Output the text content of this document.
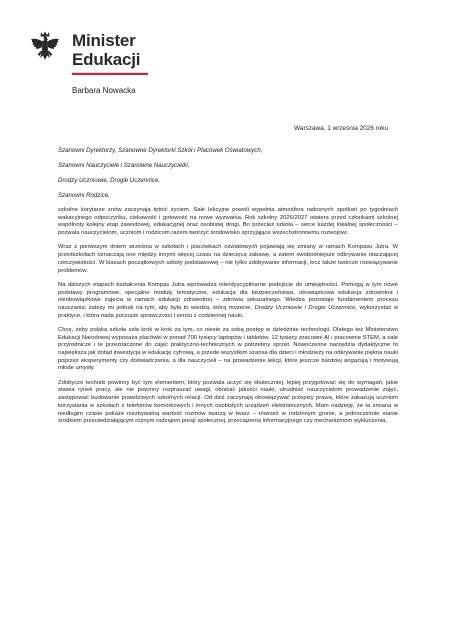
Minister
Edukacji
Barbara Nowacka
Warszawa, 1 września 2026 roku
Szanowni Dyrektorzy, Szanowne Dyrektorki Szkół i Placówek Oświatowych,
Szanowni Nauczyciele i Szanowne Nauczycielki,
Drodzy Uczniowie, Drogie Uczennice,
Szanowni Rodzice,

szkolne korytarze znów zaczynają tętnić życiem. Sale lekcyjne powoli wypełnia atmosfera radosnych spotkań po tygodniach wakacyjnego odpoczynku, ciekawość i gotowość na nowe wyzwania. Rok szkolny 2026/2027 otwiera przed członkami szkolnej wspólnoty kolejny etap zawodowej, edukacyjnej oraz osobistej drogi. Bo przecież szkoła – serce każdej lokalnej społeczności – pozwala nauczycielom, uczniom i rodzicom razem tworzyć środowisko sprzyjające wszechstronnemu rozwojowi.

Wraz z pierwszym dniem września w szkołach i placówkach oświatowych pojawiają się zmiany w ramach Kompasu Jutra. W przedszkolach oznaczają one między innymi więcej czasu na dziecięcą zabawę, a zatem swobodniejsze odkrywanie otaczającej rzeczywistości. W klasach początkowych szkoły podstawowej – nie tylko zdobywanie informacji, lecz także twórcze rozwiązywanie problemów.

Na dalszych etapach kształcenia Kompas Jutra wprowadza interdyscyplinarne podejście do umiejętności. Pomogą w tym nowe podstawy programowe, specjalne moduły tematyczne, edukacja dla bezpieczeństwa, obowiązkowa edukacja zdrowotna i nieobowiązkowe zajęcia w ramach edukacji zdrowotnej – zdrowia seksualnego. Wiedza pozostaje fundamentem procesu nauczania; zależy mi jednak na tym, aby była to wiedza, którą możecie, Drodzy Uczniowie i Drogie Uczennice, wykorzystać w praktyce, i która nada poczucie sprawczości i sensu z codziennej nauki.

Chcę, żeby polska szkoła szła krok w krok za tym, co niesie za sobą postęp w dziedzinie technologii. Dlatego też Ministerstwo Edukacji Narodowej wyposaża placówki w ponad 700 tysięcy laptopów i tabletów, 12 tysięcy pracowni AI i pracownie STEM, a sale przyrodnicze i te przeznaczone do zajęć praktyczno-technicznych w potrzebny sprzęt. Nowoczesne narzędzia dydaktyczne to największa jak dotąd inwestycja w edukację cyfrową, a przede wszystkim szansa dla dzieci i młodzieży na odkrywanie piękna nauki poprzez eksperymenty czy doświadczenia, a dla nauczycieli – na prowadzenie lekcji, które jeszcze bardziej angażują i motywują młode umysły.

Zdobycze techniki powinny być tym elementem, który pozwala uczyć się skuteczniej, lepiej przygotować się do wymagań, jakie stawia rynek pracy, ale nie powinny rozpraszać uwagi, obniżać jakości nauki, utrudniać nauczycielom prowadzenie zajęć, zastępować budowanie prawdziwych szkolnych relacji. Od dziś zaczynają obowiązywać przepisy prawa, które zakazują uczniom korzystania w szkołach z telefonów komórkowych i innych osobistych urządzeń elektronicznych. Mam nadzieję, że ta zmiana w niedługim czasie pokaże niezbywalną wartość rozmów twarzą w twarz – również w rodzinnym gronie, a jednocześnie stanie środkiem przeciwdziałającym różnym rodzajom presji społecznej, przeciążenia informacyjnego czy mechanizmom wykluczenia.
